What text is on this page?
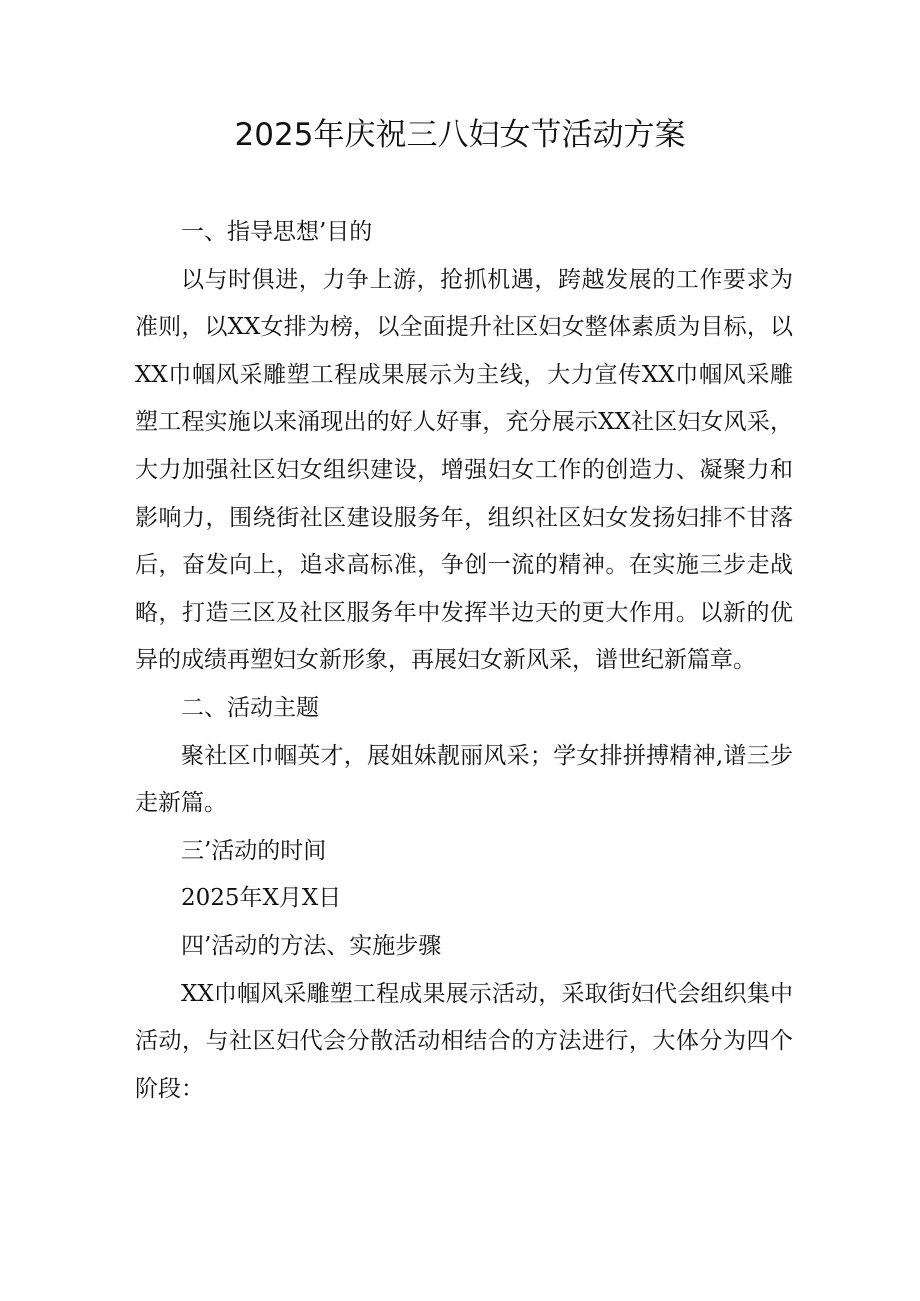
2025年庆祝三八妇女节活动方案

一、指导思想’目的

以与时俱进，力争上游，抢抓机遇，跨越发展的工作要求为准则，以XX女排为榜，以全面提升社区妇女整体素质为目标，以XX巾帼风采雕塑工程成果展示为主线，大力宣传XX巾帼风采雕塑工程实施以来涌现出的好人好事，充分展示XX社区妇女风采，大力加强社区妇女组织建设，增强妇女工作的创造力、凝聚力和影响力，围绕街社区建设服务年，组织社区妇女发扬妇排不甘落后，奋发向上，追求高标准，争创一流的精神。在实施三步走战略，打造三区及社区服务年中发挥半边天的更大作用。以新的优异的成绩再塑妇女新形象，再展妇女新风采，谱世纪新篇章。

二、活动主题

聚社区巾帼英才，展姐妹靓丽风采；学女排拼搏精神,谱三步走新篇。

三’活动的时间

2025年X月X日

四’活动的方法、实施步骤

XX巾帼风采雕塑工程成果展示活动，采取街妇代会组织集中活动，与社区妇代会分散活动相结合的方法进行，大体分为四个阶段：
